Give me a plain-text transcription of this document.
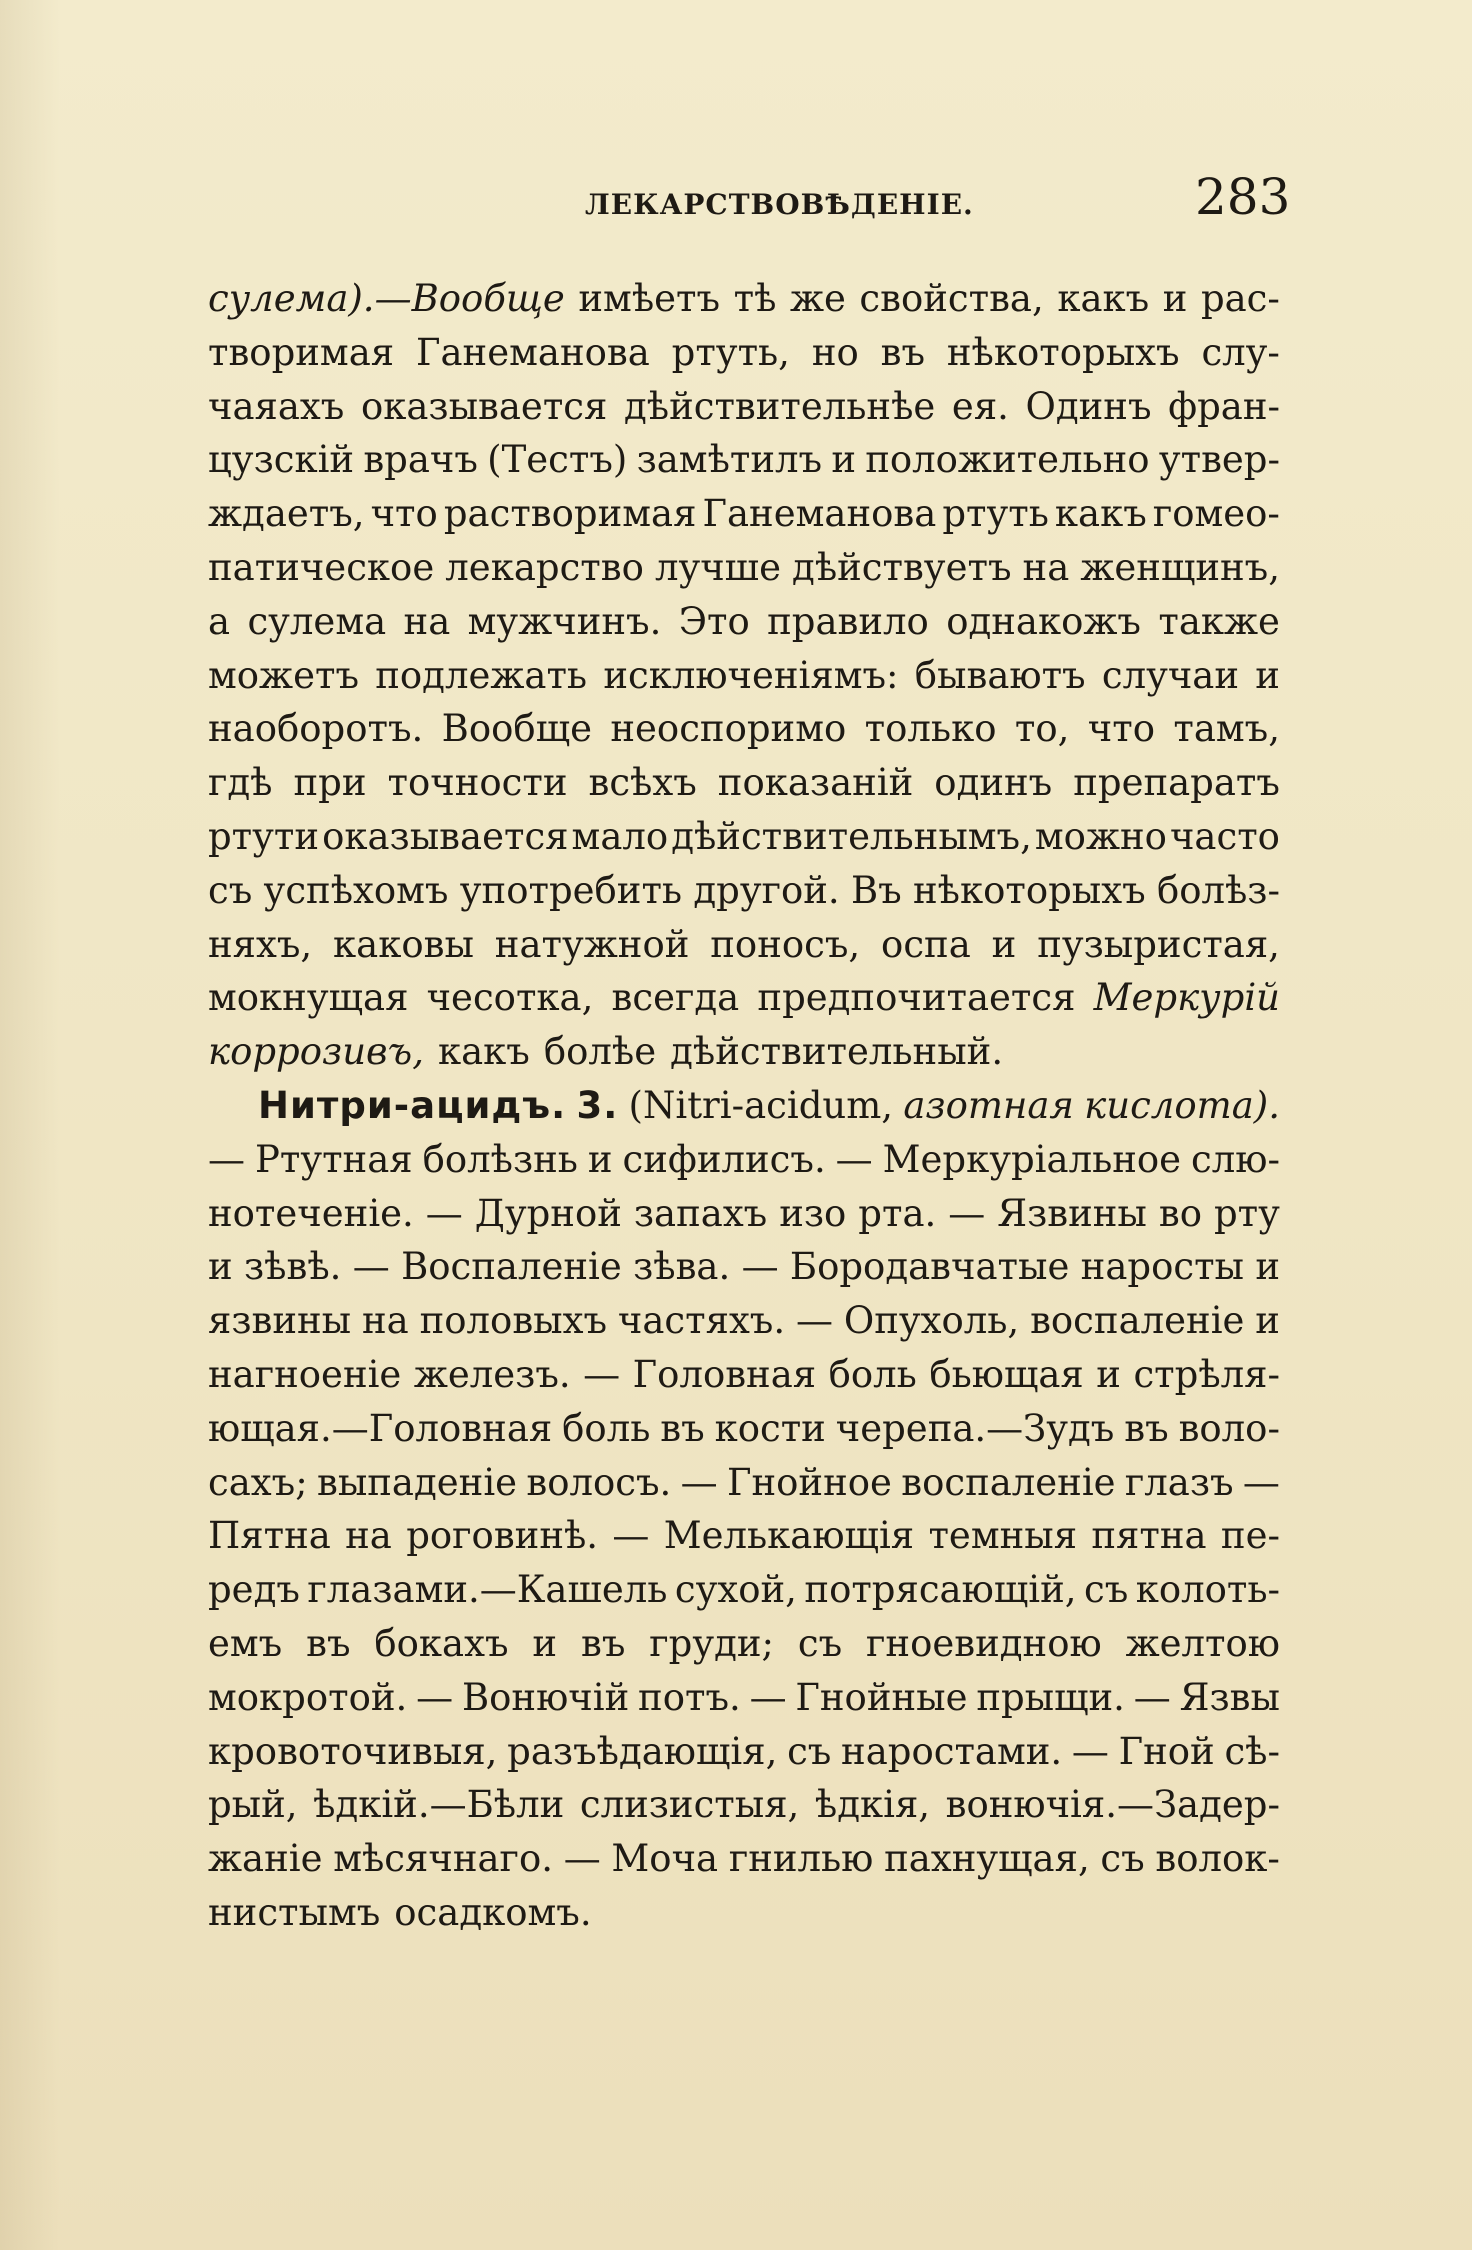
ЛЕКАРСТВОВѢДЕНІЕ.	283
сулема).—Вообще имѣетъ тѣ же свойства, какъ и рас-
творимая Ганеманова ртуть, но въ нѣкоторыхъ слу-
чаяахъ оказывается дѣйствительнѣе ея. Одинъ фран-
цузскій врачъ (Тестъ) замѣтилъ и положительно утвер-
ждаетъ, что растворимая Ганеманова ртуть какъ гомео-
патическое лекарство лучше дѣйствуетъ на женщинъ,
а сулема на мужчинъ. Это правило однакожъ также
можетъ подлежать исключеніямъ: бываютъ случаи и
наоборотъ. Вообще неоспоримо только то, что тамъ,
гдѣ при точности всѣхъ показаній одинъ препаратъ
ртути оказывается мало дѣйствительнымъ, можно часто
съ успѣхомъ употребить другой. Въ нѣкоторыхъ болѣз-
няхъ, каковы натужной поносъ, оспа и пузыристая,
мокнущая чесотка, всегда предпочитается Меркурій
коррозивъ, какъ болѣе дѣйствительный.
Нитри-ацидъ. 3. (Nitri-acidum, азотная кислота).
— Ртутная болѣзнь и сифилисъ. — Меркуріальное слю-
нотеченіе. — Дурной запахъ изо рта. — Язвины во рту
и зѣвѣ. — Воспаленіе зѣва. — Бородавчатые наросты и
язвины на половыхъ частяхъ. — Опухоль, воспаленіе и
нагноеніе железъ. — Головная боль бьющая и стрѣля-
ющая.—Головная боль въ кости черепа.—Зудъ въ воло-
сахъ; выпаденіе волосъ. — Гнойное воспаленіе глазъ —
Пятна на роговинѣ. — Мелькающія темныя пятна пе-
редъ глазами.—Кашель сухой, потрясающій, съ колоть-
емъ въ бокахъ и въ груди; съ гноевидною желтою
мокротой. — Вонючій потъ. — Гнойные прыщи. — Язвы
кровоточивыя, разъѣдающія, съ наростами. — Гной сѣ-
рый, ѣдкій.—Бѣли слизистыя, ѣдкія, вонючія.—Задер-
жаніе мѣсячнаго. — Моча гнилью пахнущая, съ волок-
нистымъ осадкомъ.
